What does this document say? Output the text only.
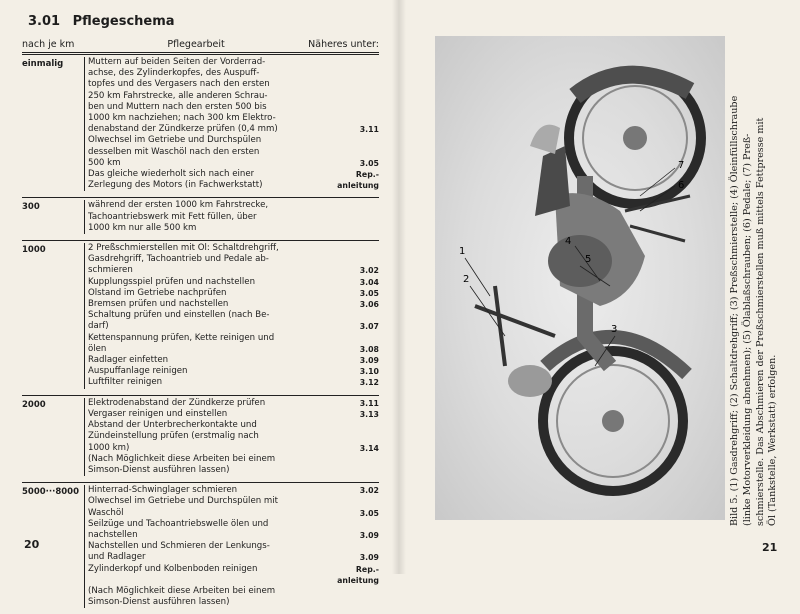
3.01 Pflegeschema
nach je km	Pflegearbeit	Näheres unter:
einmalig	Muttern auf beiden Seiten der Vorderrad-
achse, des Zylinderkopfes, des Auspuff-
topfes und des Vergasers nach den ersten
250 km Fahrstrecke, alle anderen Schrau-
ben und Muttern nach den ersten 500 bis
1000 km nachziehen; nach 300 km Elektro-
denabstand der Zündkerze prüfen (0,4 mm)	3.11
Ölwechsel im Getriebe und Durchspülen
desselben mit Waschöl nach den ersten
500 km	3.05
Das gleiche wiederholt sich nach einer	Rep.-
Zerlegung des Motors (in Fachwerkstatt)	anleitung
300	während der ersten 1000 km Fahrstrecke,
Tachoantriebswerk mit Fett füllen, über
1000 km nur alle 500 km
1000	2 Preßschmierstellen mit Öl: Schaltdrehgriff,
Gasdrehgriff, Tachoantrieb und Pedale ab-
schmieren	3.02
Kupplungsspiel prüfen und nachstellen	3.04
Ölstand im Getriebe nachprüfen	3.05
Bremsen prüfen und nachstellen	3.06
Schaltung prüfen und einstellen (nach Be-
darf)	3.07
Kettenspannung prüfen, Kette reinigen und
ölen	3.08
Radlager einfetten	3.09
Auspuffanlage reinigen	3.10
Luftfilter reinigen	3.12
2000	Elektrodenabstand der Zündkerze prüfen	3.11
Vergaser reinigen und einstellen	3.13
Abstand der Unterbrecherkontakte und
Zündeinstellung prüfen (erstmalig nach
1000 km)	3.14
(Nach Möglichkeit diese Arbeiten bei einem
Simson-Dienst ausführen lassen)
5000···8000	Hinterrad-Schwinglager schmieren	3.02
Ölwechsel im Getriebe und Durchspülen mit
Waschöl	3.05
Seilzüge und Tachoantriebswelle ölen und
nachstellen	3.09
Nachstellen und Schmieren der Lenkungs-
und Radlager	3.09
Zylinderkopf und Kolbenboden reinigen	Rep.-
anleitung
(Nach Möglichkeit diese Arbeiten bei einem
Simson-Dienst ausführen lassen)
20
1
2
3
4
5
6
7	Bild 5. (1) Gasdrehgriff; (2) Schaltdrehgriff; (3) Preßschmierstelle; (4) Öleinfüllschraube (linke Motorverkleidung abnehmen); (5) Ölablaßschrauben; (6) Pedale; (7) Preß- schmierstelle. Das Abschmieren der Preßschmierstellen muß mittels Fettpresse mit Öl (Tankstelle, Werkstatt) erfolgen.
21
